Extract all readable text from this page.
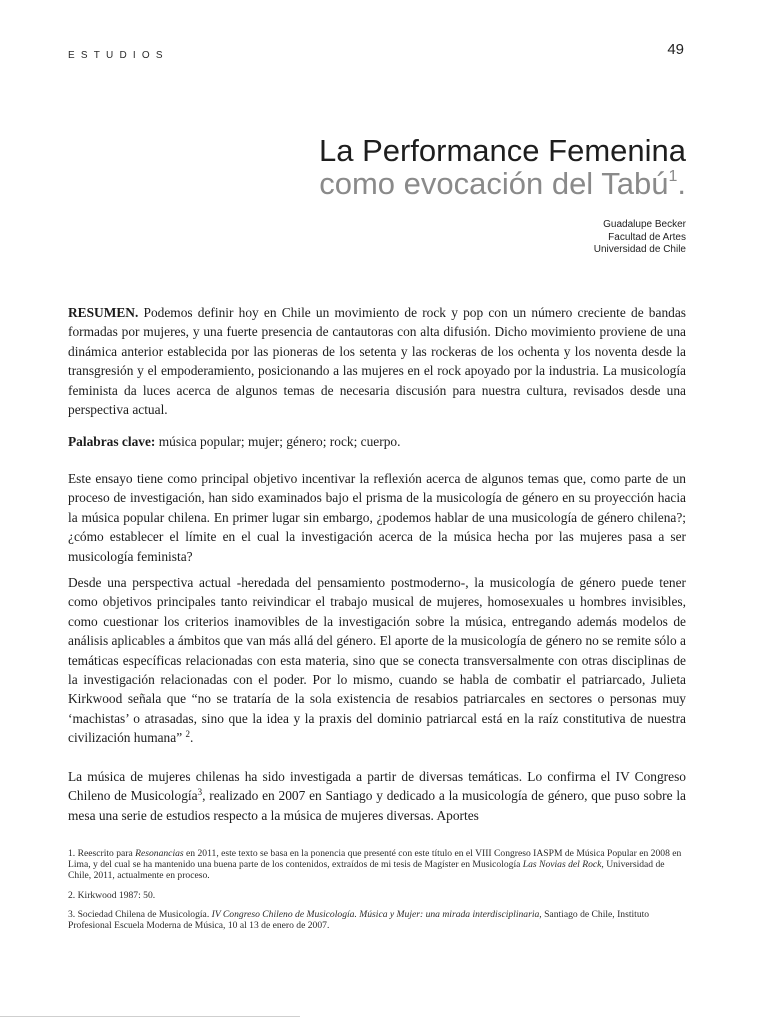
ESTUDIOS	49
La Performance Femenina
como evocación del Tabú$^1$.
Guadalupe Becker
Facultad de Artes
Universidad de Chile
RESUMEN. Podemos definir hoy en Chile un movimiento de rock y pop con un número creciente de bandas formadas por mujeres, y una fuerte presencia de cantautoras con alta difusión. Dicho movimiento proviene de una dinámica anterior establecida por las pioneras de los setenta y las rockeras de los ochenta y los noventa desde la transgresión y el empoderamiento, posicionando a las mujeres en el rock apoyado por la industria. La musicología feminista da luces acerca de algunos temas de necesaria discusión para nuestra cultura, revisados desde una perspectiva actual.
Palabras clave: música popular; mujer; género; rock; cuerpo.
Este ensayo tiene como principal objetivo incentivar la reflexión acerca de algunos temas que, como parte de un proceso de investigación, han sido examinados bajo el prisma de la musicología de género en su proyección hacia la música popular chilena. En primer lugar sin embargo, ¿podemos hablar de una musicología de género chilena?; ¿cómo establecer el límite en el cual la investigación acerca de la música hecha por las mujeres pasa a ser musicología feminista?
Desde una perspectiva actual -heredada del pensamiento postmoderno-, la musicología de género puede tener como objetivos principales tanto reivindicar el trabajo musical de mujeres, homosexuales u hombres invisibles, como cuestionar los criterios inamovibles de la investigación sobre la música, entregando además modelos de análisis aplicables a ámbitos que van más allá del género. El aporte de la musicología de género no se remite sólo a temáticas específicas relacionadas con esta materia, sino que se conecta transversalmente con otras disciplinas de la investigación relacionadas con el poder. Por lo mismo, cuando se habla de combatir el patriarcado, Julieta Kirkwood señala que “no se trataría de la sola existencia de resabios patriarcales en sectores o personas muy ‘machistas’ o atrasadas, sino que la idea y la praxis del dominio patriarcal está en la raíz constitutiva de nuestra civilización humana” $^2$.
La música de mujeres chilenas ha sido investigada a partir de diversas temáticas. Lo confirma el IV Congreso Chileno de Musicología$^3$, realizado en 2007 en Santiago y dedicado a la musicología de género, que puso sobre la mesa una serie de estudios respecto a la música de mujeres diversas. Aportes

1. Reescrito para Resonancias en 2011, este texto se basa en la ponencia que presenté con este título en el VIII Congreso IASPM de Música Popular en 2008 en Lima, y del cual se ha mantenido una buena parte de los contenidos, extraídos de mi tesis de Magíster en Musicología Las Novias del Rock, Universidad de Chile, 2011, actualmente en proceso.

2. Kirkwood 1987: 50.

3. Sociedad Chilena de Musicología. IV Congreso Chileno de Musicología. Música y Mujer: una mirada interdisciplinaria, Santiago de Chile, Instituto Profesional Escuela Moderna de Música, 10 al 13 de enero de 2007.
